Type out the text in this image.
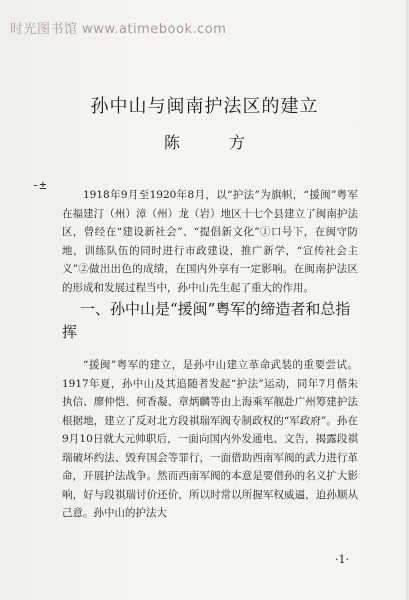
时光图书馆 www.atimebook.com
孙中山与闽南护法区的建立
陈 方
-±

1918年9月至1920年8月，以“护法”为旗帜，“援闽”粤军在福建汀（州）漳（州）龙（岩）地区十七个县建立了闽南护法区，曾经在“建设新社会”、“提倡新文化”①口号下，在闽守防地，训练队伍的同时进行市政建设，推广新学，“宣传社会主义”②做出出色的成绩，在国内外享有一定影响。在闽南护法区的形成和发展过程当中，孙中山先生起了重大的作用。

一、孙中山是“援闽”粤军的缔造者和总指挥

“援闽”粤军的建立，是孙中山建立革命武装的重要尝试。1917年夏，孙中山及其追随者发起“护法”运动，同年7月偕朱执信、廖仲恺、何香凝、章炳麟等由上海乘军舰赴广州筹建护法根据地，建立了反对北方段祺瑞军阀专制政权的“军政府”。孙在9月10日就大元帅职后，一面向国内外发通电、文告，揭露段祺瑞破坏约法、毁弃国会等罪行，一面借助西南军阀的武力进行革命，开展护法战争。然而西南军阀的本意是要借孙的名义扩大影响，好与段祺瑞讨价还价，所以时常以所握军权威逼，迫孙顺从己意。孙中山的护法大

·1·
